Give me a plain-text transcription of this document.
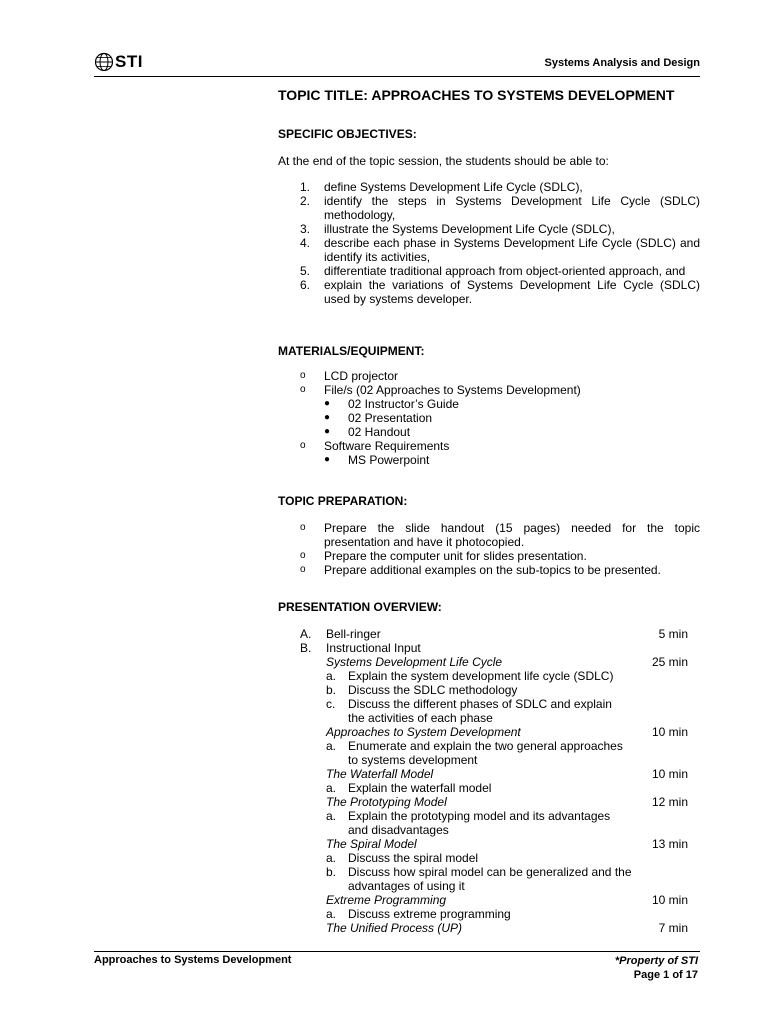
STI	Systems Analysis and Design
TOPIC TITLE: APPROACHES TO SYSTEMS DEVELOPMENT
SPECIFIC OBJECTIVES:
At the end of the topic session, the students should be able to:
1.	define Systems Development Life Cycle (SDLC),
2.	identify the steps in Systems Development Life Cycle (SDLC) methodology,
3.	illustrate the Systems Development Life Cycle (SDLC),
4.	describe each phase in Systems Development Life Cycle (SDLC) and identify its activities,
5.	differentiate traditional approach from object-oriented approach, and
6.	explain the variations of Systems Development Life Cycle (SDLC) used by systems developer.
MATERIALS/EQUIPMENT:
o	LCD projector
o	File/s (02 Approaches to Systems Development)
●	02 Instructor’s Guide
●	02 Presentation
●	02 Handout
o	Software Requirements
●	MS Powerpoint
TOPIC PREPARATION:
o	Prepare the slide handout (15 pages) needed for the topic presentation and have it photocopied.
o	Prepare the computer unit for slides presentation.
o	Prepare additional examples on the sub-topics to be presented.
PRESENTATION OVERVIEW:
A.	Bell-ringer	5 min
B.	Instructional Input
Systems Development Life Cycle	25 min
a. Explain the system development life cycle (SDLC)
b. Discuss the SDLC methodology
c.	Discuss the different phases of SDLC and explain
the activities of each phase
Approaches to System Development	10 min
a. Enumerate and explain the two general approaches
to systems development
The Waterfall Model	10 min
a. Explain the waterfall model
The Prototyping Model	12 min
a. Explain the prototyping model and its advantages
and disadvantages
The Spiral Model	13 min
a. Discuss the spiral model
b. Discuss how spiral model can be generalized and the
advantages of using it
Extreme Programming	10 min
a. Discuss extreme programming
The Unified Process (UP)	7 min
Approaches to Systems Development	*Property of STI
Page 1 of 17
